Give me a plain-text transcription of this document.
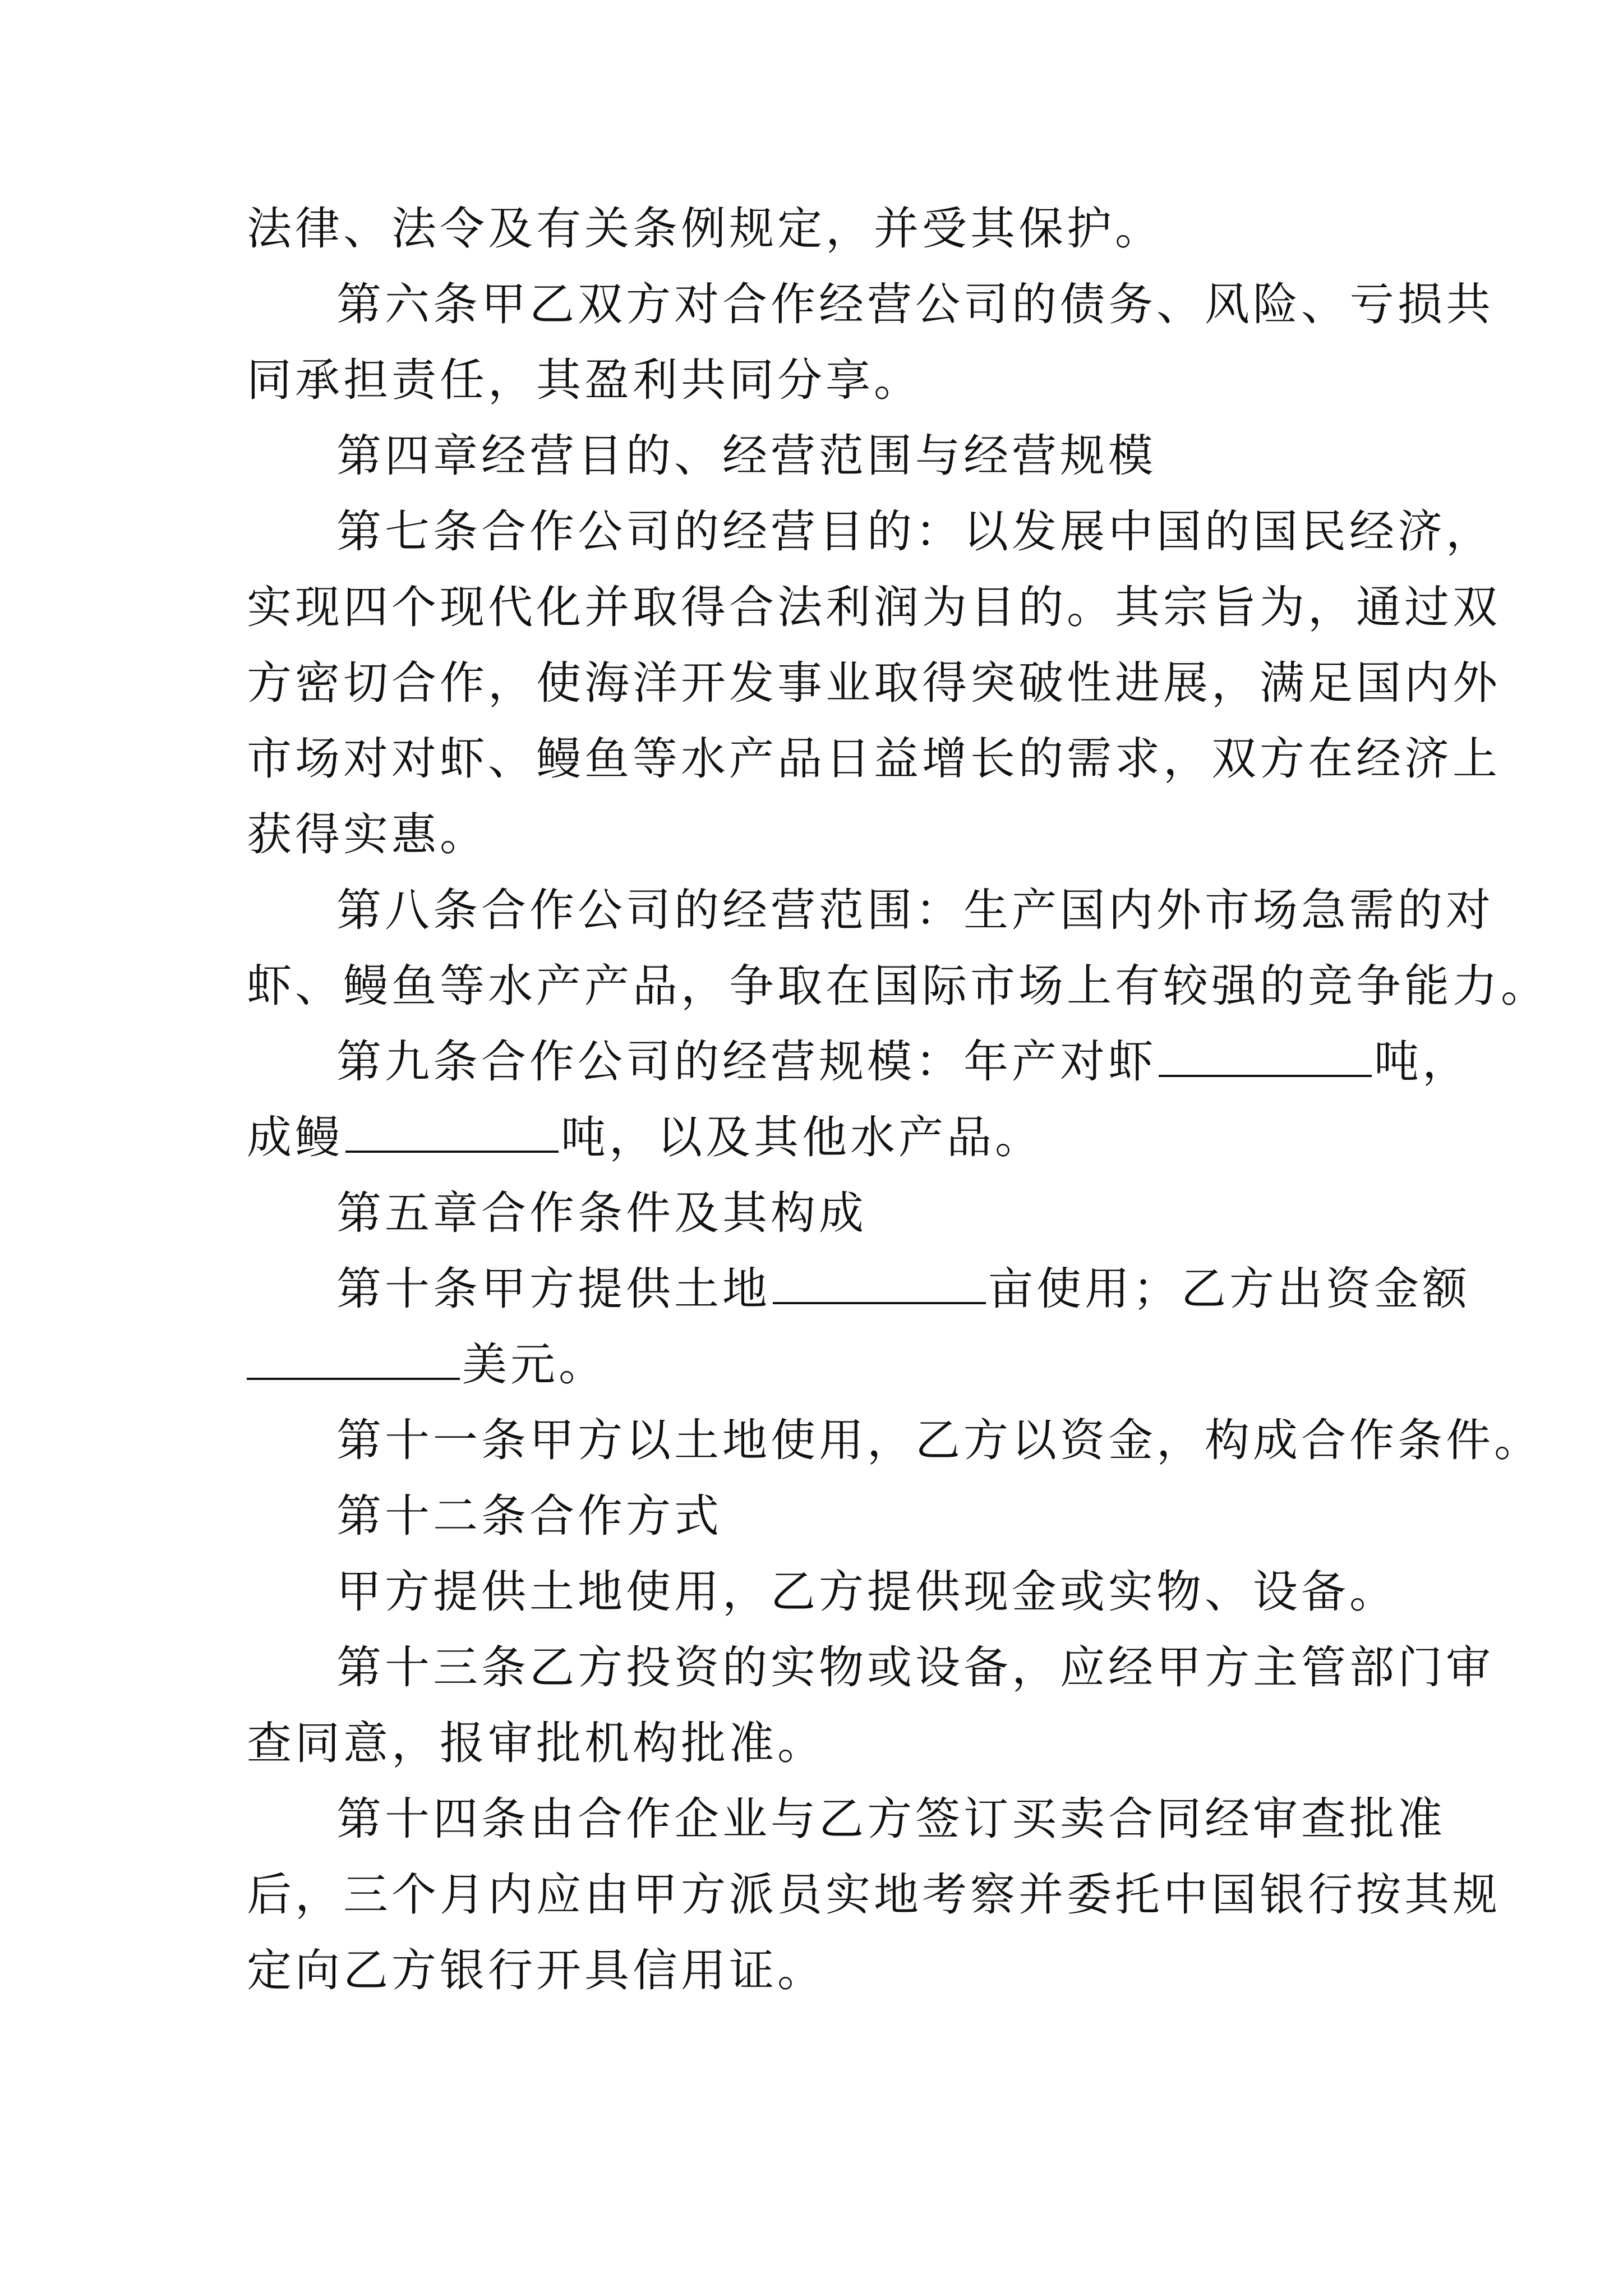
法律、法令及有关条例规定，并受其保护。
第六条甲乙双方对合作经营公司的债务、风险、亏损共
同承担责任，其盈利共同分享。
第四章经营目的、经营范围与经营规模
第七条合作公司的经营目的：以发展中国的国民经济，
实现四个现代化并取得合法利润为目的。其宗旨为，通过双
方密切合作，使海洋开发事业取得突破性进展，满足国内外
市场对对虾、鳗鱼等水产品日益增长的需求，双方在经济上
获得实惠。
第八条合作公司的经营范围：生产国内外市场急需的对
虾、鳗鱼等水产产品，争取在国际市场上有较强的竞争能力。
第九条合作公司的经营规模：年产对虾	吨，
成鳗	吨，以及其他水产品。
第五章合作条件及其构成
第十条甲方提供土地	亩使用；乙方出资金额
美元。
第十一条甲方以土地使用，乙方以资金，构成合作条件。
第十二条合作方式
甲方提供土地使用，乙方提供现金或实物、设备。
第十三条乙方投资的实物或设备，应经甲方主管部门审
查同意，报审批机构批准。
第十四条由合作企业与乙方签订买卖合同经审查批准
后，三个月内应由甲方派员实地考察并委托中国银行按其规
定向乙方银行开具信用证。
